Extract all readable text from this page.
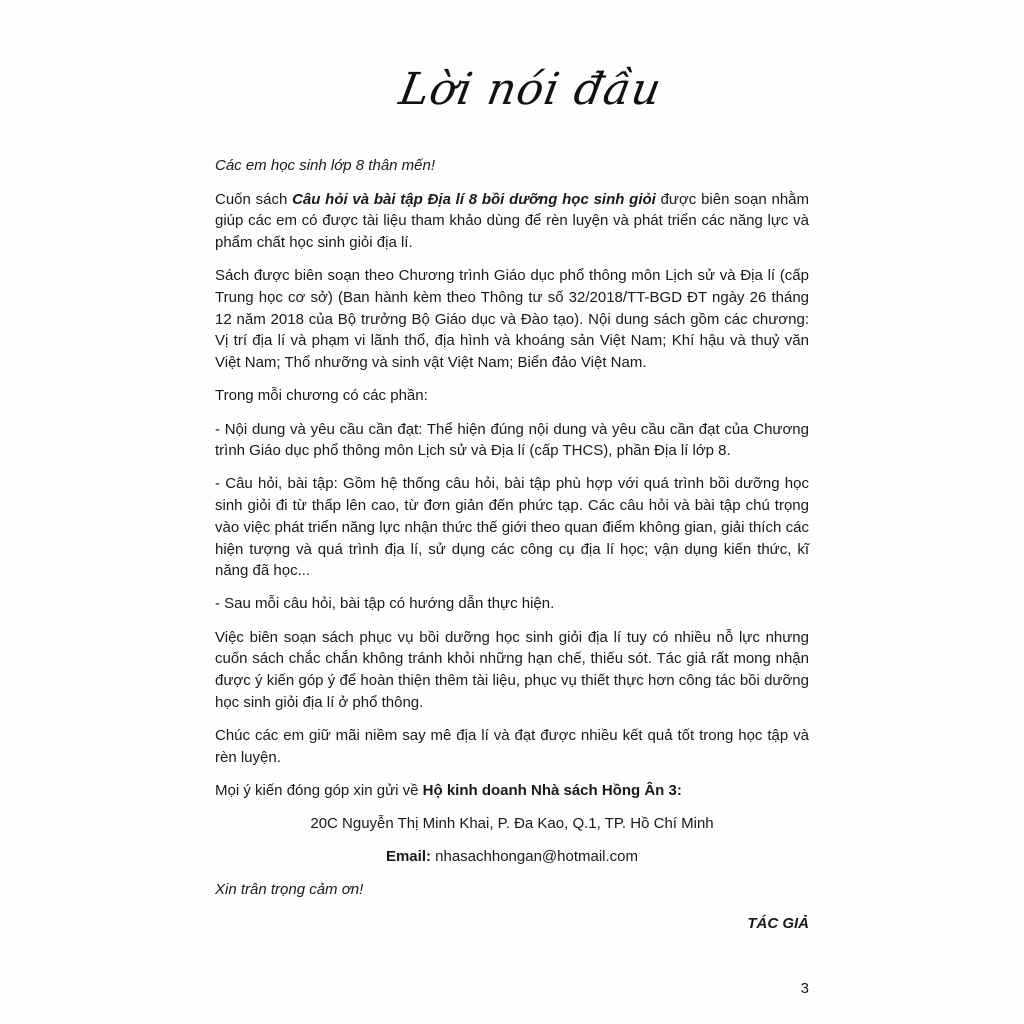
Lời nói đầu

Các em học sinh lớp 8 thân mến!

Cuốn sách Câu hỏi và bài tập Địa lí 8 bồi dưỡng học sinh giỏi được biên soạn nhằm giúp các em có được tài liệu tham khảo dùng để rèn luyện và phát triển các năng lực và phẩm chất học sinh giỏi địa lí.

Sách được biên soạn theo Chương trình Giáo dục phổ thông môn Lịch sử và Địa lí (cấp Trung học cơ sở) (Ban hành kèm theo Thông tư số 32/2018/TT-BGD ĐT ngày 26 tháng 12 năm 2018 của Bộ trưởng Bộ Giáo dục và Đào tạo). Nội dung sách gồm các chương: Vị trí địa lí và phạm vi lãnh thổ, địa hình và khoáng sản Việt Nam; Khí hậu và thuỷ văn Việt Nam; Thổ nhưỡng và sinh vật Việt Nam; Biển đảo Việt Nam.

Trong mỗi chương có các phần:

- Nội dung và yêu cầu cần đạt: Thể hiện đúng nội dung và yêu cầu cần đạt của Chương trình Giáo dục phổ thông môn Lịch sử và Địa lí (cấp THCS), phần Địa lí lớp 8.

- Câu hỏi, bài tập: Gồm hệ thống câu hỏi, bài tập phù hợp với quá trình bồi dưỡng học sinh giỏi đi từ thấp lên cao, từ đơn giản đến phức tạp. Các câu hỏi và bài tập chú trọng vào việc phát triển năng lực nhận thức thế giới theo quan điểm không gian, giải thích các hiện tượng và quá trình địa lí, sử dụng các công cụ địa lí học; vận dụng kiến thức, kĩ năng đã học...

- Sau mỗi câu hỏi, bài tập có hướng dẫn thực hiện.

Việc biên soạn sách phục vụ bồi dưỡng học sinh giỏi địa lí tuy có nhiều nỗ lực nhưng cuốn sách chắc chắn không tránh khỏi những hạn chế, thiếu sót. Tác giả rất mong nhận được ý kiến góp ý để hoàn thiện thêm tài liệu, phục vụ thiết thực hơn công tác bồi dưỡng học sinh giỏi địa lí ở phổ thông.

Chúc các em giữ mãi niềm say mê địa lí và đạt được nhiều kết quả tốt trong học tập và rèn luyện.

Mọi ý kiến đóng góp xin gửi về Hộ kinh doanh Nhà sách Hồng Ân 3:

20C Nguyễn Thị Minh Khai, P. Đa Kao, Q.1, TP. Hồ Chí Minh

Email: nhasachhongan@hotmail.com

Xin trân trọng cảm ơn!

TÁC GIẢ

3
